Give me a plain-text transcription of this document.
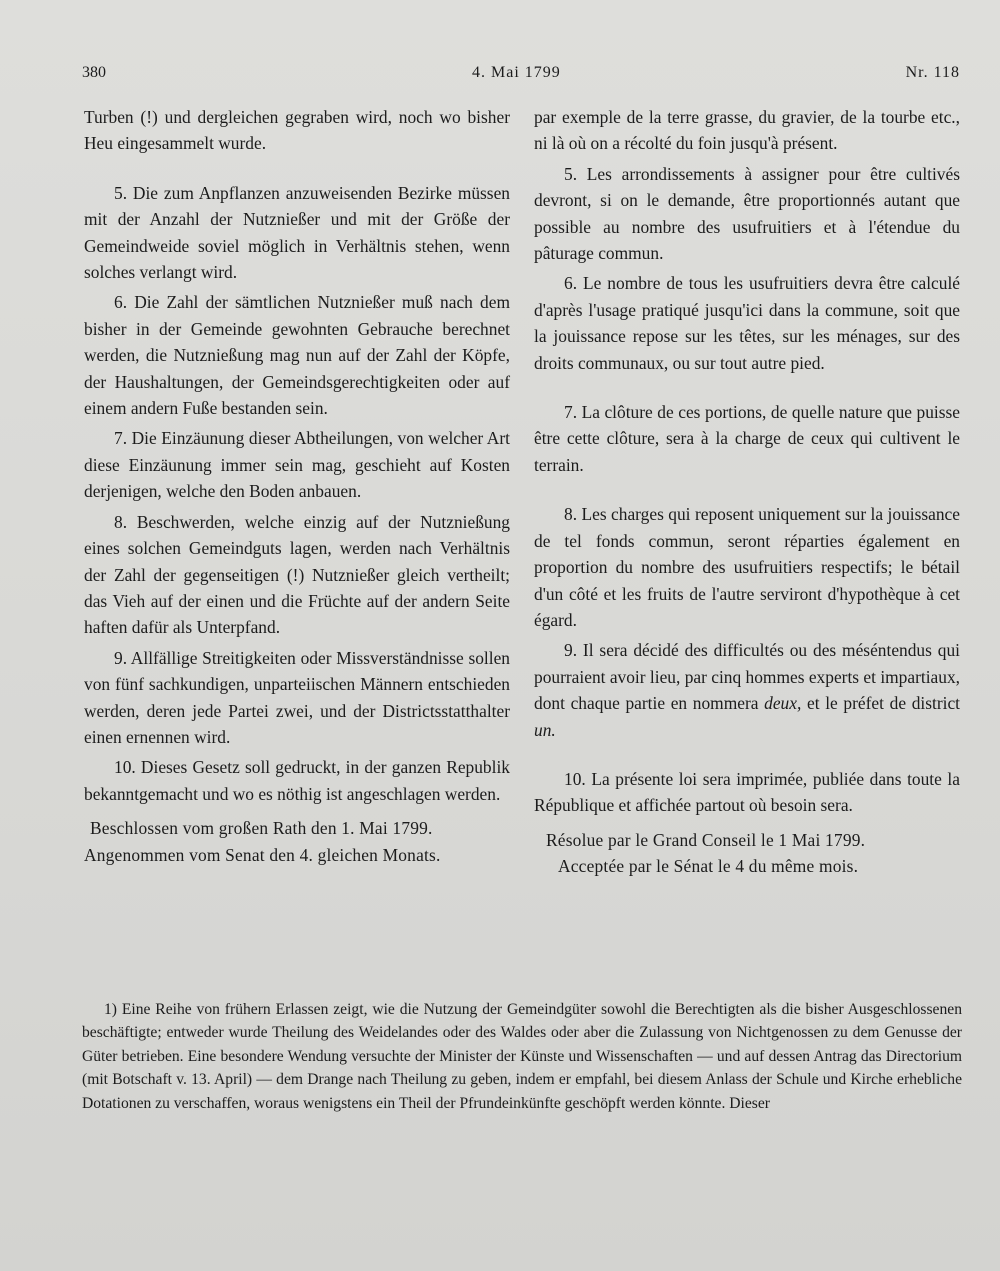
380	4. Mai 1799	Nr. 118

Turben (!) und dergleichen gegraben wird, noch wo bisher Heu eingesammelt wurde.

5. Die zum Anpflanzen anzuweisenden Bezirke müssen mit der Anzahl der Nutznießer und mit der Größe der Gemeindweide soviel möglich in Verhältnis stehen, wenn solches verlangt wird.

6. Die Zahl der sämtlichen Nutznießer muß nach dem bisher in der Gemeinde gewohnten Gebrauche berechnet werden, die Nutznießung mag nun auf der Zahl der Köpfe, der Haushaltungen, der Gemeindsgerechtigkeiten oder auf einem andern Fuße bestanden sein.

7. Die Einzäunung dieser Abtheilungen, von welcher Art diese Einzäunung immer sein mag, geschieht auf Kosten derjenigen, welche den Boden anbauen.

8. Beschwerden, welche einzig auf der Nutznießung eines solchen Gemeindguts lagen, werden nach Verhältnis der Zahl der gegenseitigen (!) Nutznießer gleich vertheilt; das Vieh auf der einen und die Früchte auf der andern Seite haften dafür als Unterpfand.

9. Allfällige Streitigkeiten oder Missverständnisse sollen von fünf sachkundigen, unparteiischen Männern entschieden werden, deren jede Partei zwei, und der Districtsstatthalter einen ernennen wird.

10. Dieses Gesetz soll gedruckt, in der ganzen Republik bekanntgemacht und wo es nöthig ist angeschlagen werden.

Beschlossen vom großen Rath den 1. Mai 1799.

Angenommen vom Senat den 4. gleichen Monats.

par exemple de la terre grasse, du gravier, de la tourbe etc., ni là où on a récolté du foin jusqu'à présent.

5. Les arrondissements à assigner pour être cultivés devront, si on le demande, être proportionnés autant que possible au nombre des usufruitiers et à l'étendue du pâturage commun.

6. Le nombre de tous les usufruitiers devra être calculé d'après l'usage pratiqué jusqu'ici dans la commune, soit que la jouissance repose sur les têtes, sur les ménages, sur des droits communaux, ou sur tout autre pied.

7. La clôture de ces portions, de quelle nature que puisse être cette clôture, sera à la charge de ceux qui cultivent le terrain.

8. Les charges qui reposent uniquement sur la jouissance de tel fonds commun, seront réparties également en proportion du nombre des usufruitiers respectifs; le bétail d'un côté et les fruits de l'autre serviront d'hypothèque à cet égard.

9. Il sera décidé des difficultés ou des méséntendus qui pourraient avoir lieu, par cinq hommes experts et impartiaux, dont chaque partie en nommera deux, et le préfet de district un.

10. La présente loi sera imprimée, publiée dans toute la République et affichée partout où besoin sera.

Résolue par le Grand Conseil le 1 Mai 1799.

Acceptée par le Sénat le 4 du même mois.

1) Eine Reihe von frühern Erlassen zeigt, wie die Nutzung der Gemeindgüter sowohl die Berechtigten als die bisher Ausgeschlossenen beschäftigte; entweder wurde Theilung des Weidelandes oder des Waldes oder aber die Zulassung von Nichtgenossen zu dem Genusse der Güter betrieben. Eine besondere Wendung versuchte der Minister der Künste und Wissenschaften — und auf dessen Antrag das Directorium (mit Botschaft v. 13. April) — dem Drange nach Theilung zu geben, indem er empfahl, bei diesem Anlass der Schule und Kirche erhebliche Dotationen zu verschaffen, woraus wenigstens ein Theil der Pfrundeinkünfte geschöpft werden könnte. Dieser
